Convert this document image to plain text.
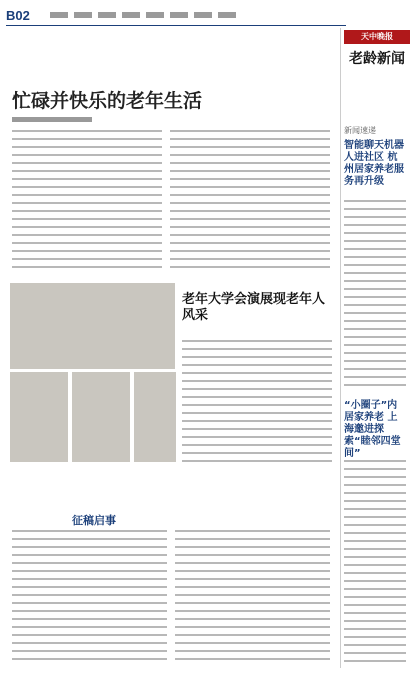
B02
天中晚报
老龄新闻
忙碌并快乐的老年生活
老年大学会演展现老年人风采
征稿启事
新闻速递
智能聊天机器人进社区 杭州居家养老服务再升级
“小圈子”内居家养老 上海邀进探索“睦邻四堂间”
